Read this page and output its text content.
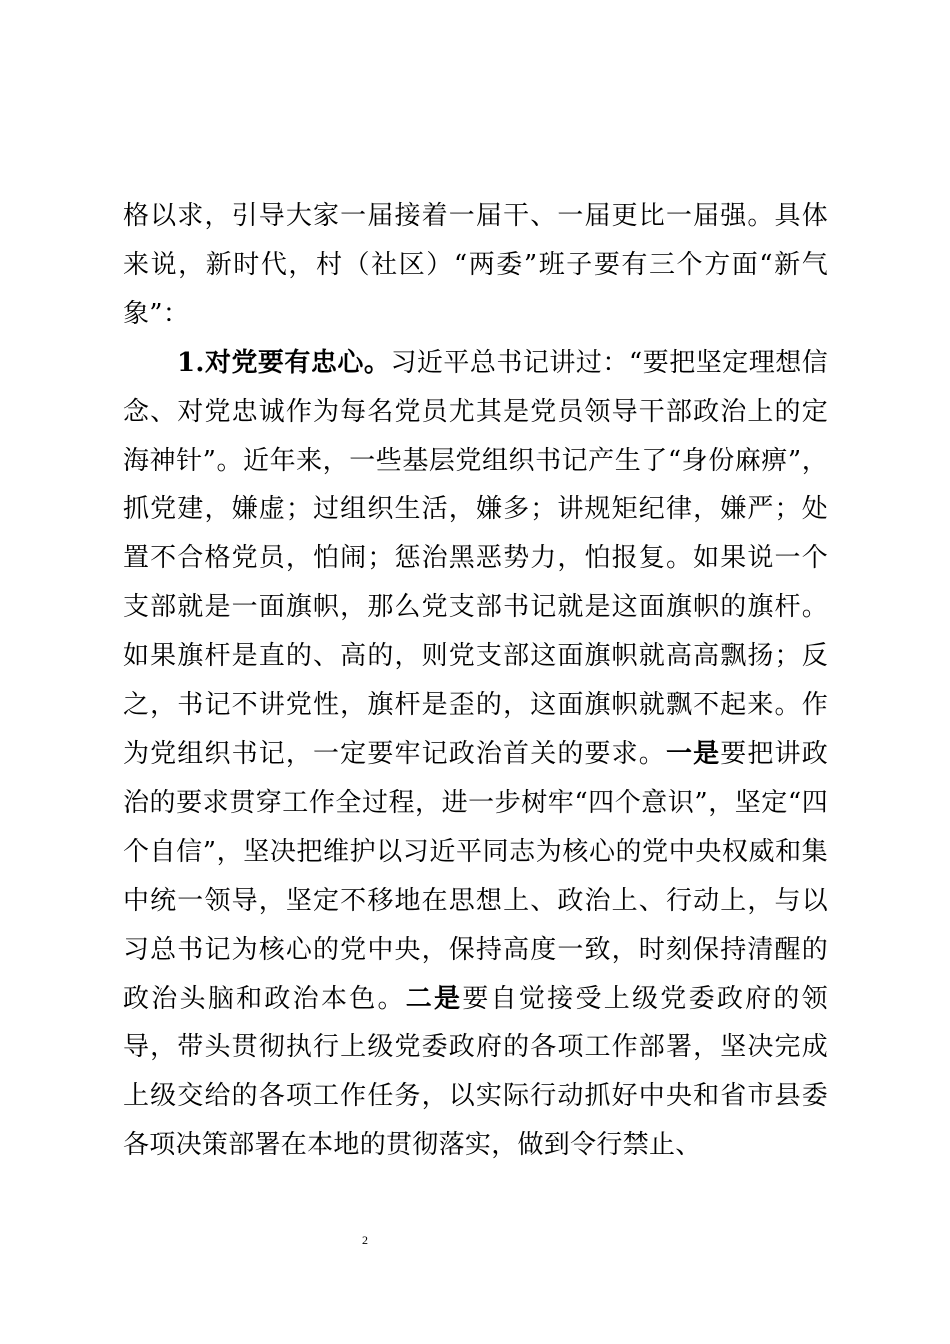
格以求，引导大家一届接着一届干、一届更比一届强。具体来说，新时代，村（社区）“两委”班子要有三个方面“新气象”：

1.对党要有忠心。习近平总书记讲过：“要把坚定理想信念、对党忠诚作为每名党员尤其是党员领导干部政治上的定海神针”。近年来，一些基层党组织书记产生了“身份麻痹”，抓党建，嫌虚；过组织生活，嫌多；讲规矩纪律，嫌严；处置不合格党员，怕闹；惩治黑恶势力，怕报复。如果说一个支部就是一面旗帜，那么党支部书记就是这面旗帜的旗杆。如果旗杆是直的、高的，则党支部这面旗帜就高高飘扬；反之，书记不讲党性，旗杆是歪的，这面旗帜就飘不起来。作为党组织书记，一定要牢记政治首关的要求。一是要把讲政治的要求贯穿工作全过程，进一步树牢“四个意识”，坚定“四个自信”，坚决把维护以习近平同志为核心的党中央权威和集中统一领导，坚定不移地在思想上、政治上、行动上，与以习总书记为核心的党中央，保持高度一致，时刻保持清醒的政治头脑和政治本色。二是要自觉接受上级党委政府的领导，带头贯彻执行上级党委政府的各项工作部署，坚决完成上级交给的各项工作任务，以实际行动抓好中央和省市县委各项决策部署在本地的贯彻落实，做到令行禁止、

2
